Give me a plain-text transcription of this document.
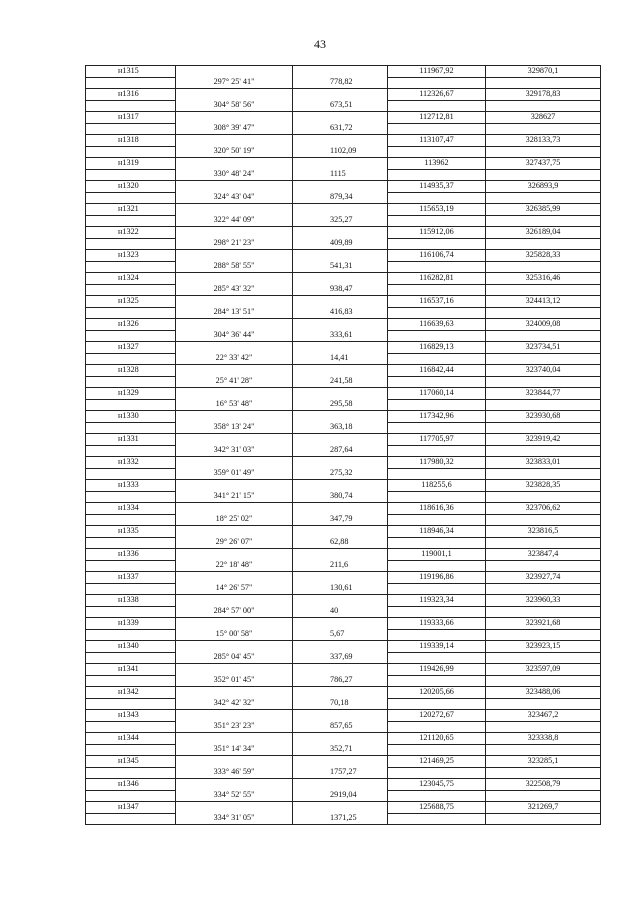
43
н1315			111967,92	329870,1
	297° 25' 41"	778,82		
н1316			112326,67	329178,83
	304° 58' 56"	673,51		
н1317			112712,81	328627
	308° 39' 47"	631,72		
н1318			113107,47	328133,73
	320° 50' 19"	1102,09		
н1319			113962	327437,75
	330° 48' 24"	1115		
н1320			114935,37	326893,9
	324° 43' 04"	879,34		
н1321			115653,19	326385,99
	322° 44' 09"	325,27		
н1322			115912,06	326189,04
	298° 21' 23"	409,89		
н1323			116106,74	325828,33
	288° 58' 55"	541,31		
н1324			116282,81	325316,46
	285° 43' 32"	938,47		
н1325			116537,16	324413,12
	284° 13' 51"	416,83		
н1326			116639,63	324009,08
	304° 36' 44"	333,61		
н1327			116829,13	323734,51
	22° 33' 42"	14,41		
н1328			116842,44	323740,04
	25° 41' 28"	241,58		
н1329			117060,14	323844,77
	16° 53' 48"	295,58		
н1330			117342,96	323930,68
	358° 13' 24"	363,18		
н1331			117705,97	323919,42
	342° 31' 03"	287,64		
н1332			117980,32	323833,01
	359° 01' 49"	275,32		
н1333			118255,6	323828,35
	341° 21' 15"	380,74		
н1334			118616,36	323706,62
	18° 25' 02"	347,79		
н1335			118946,34	323816,5
	29° 26' 07"	62,88		
н1336			119001,1	323847,4
	22° 18' 48"	211,6		
н1337			119196,86	323927,74
	14° 26' 57"	130,61		
н1338			119323,34	323960,33
	284° 57' 00"	40		
н1339			119333,66	323921,68
	15° 00' 58"	5,67		
н1340			119339,14	323923,15
	285° 04' 45"	337,69		
н1341			119426,99	323597,09
	352° 01' 45"	786,27		
н1342			120205,66	323488,06
	342° 42' 32"	70,18		
н1343			120272,67	323467,2
	351° 23' 23"	857,65		
н1344			121120,65	323338,8
	351° 14' 34"	352,71		
н1345			121469,25	323285,1
	333° 46' 59"	1757,27		
н1346			123045,75	322508,79
	334° 52' 55"	2919,04		
н1347			125688,75	321269,7
	334° 31' 05"	1371,25		
